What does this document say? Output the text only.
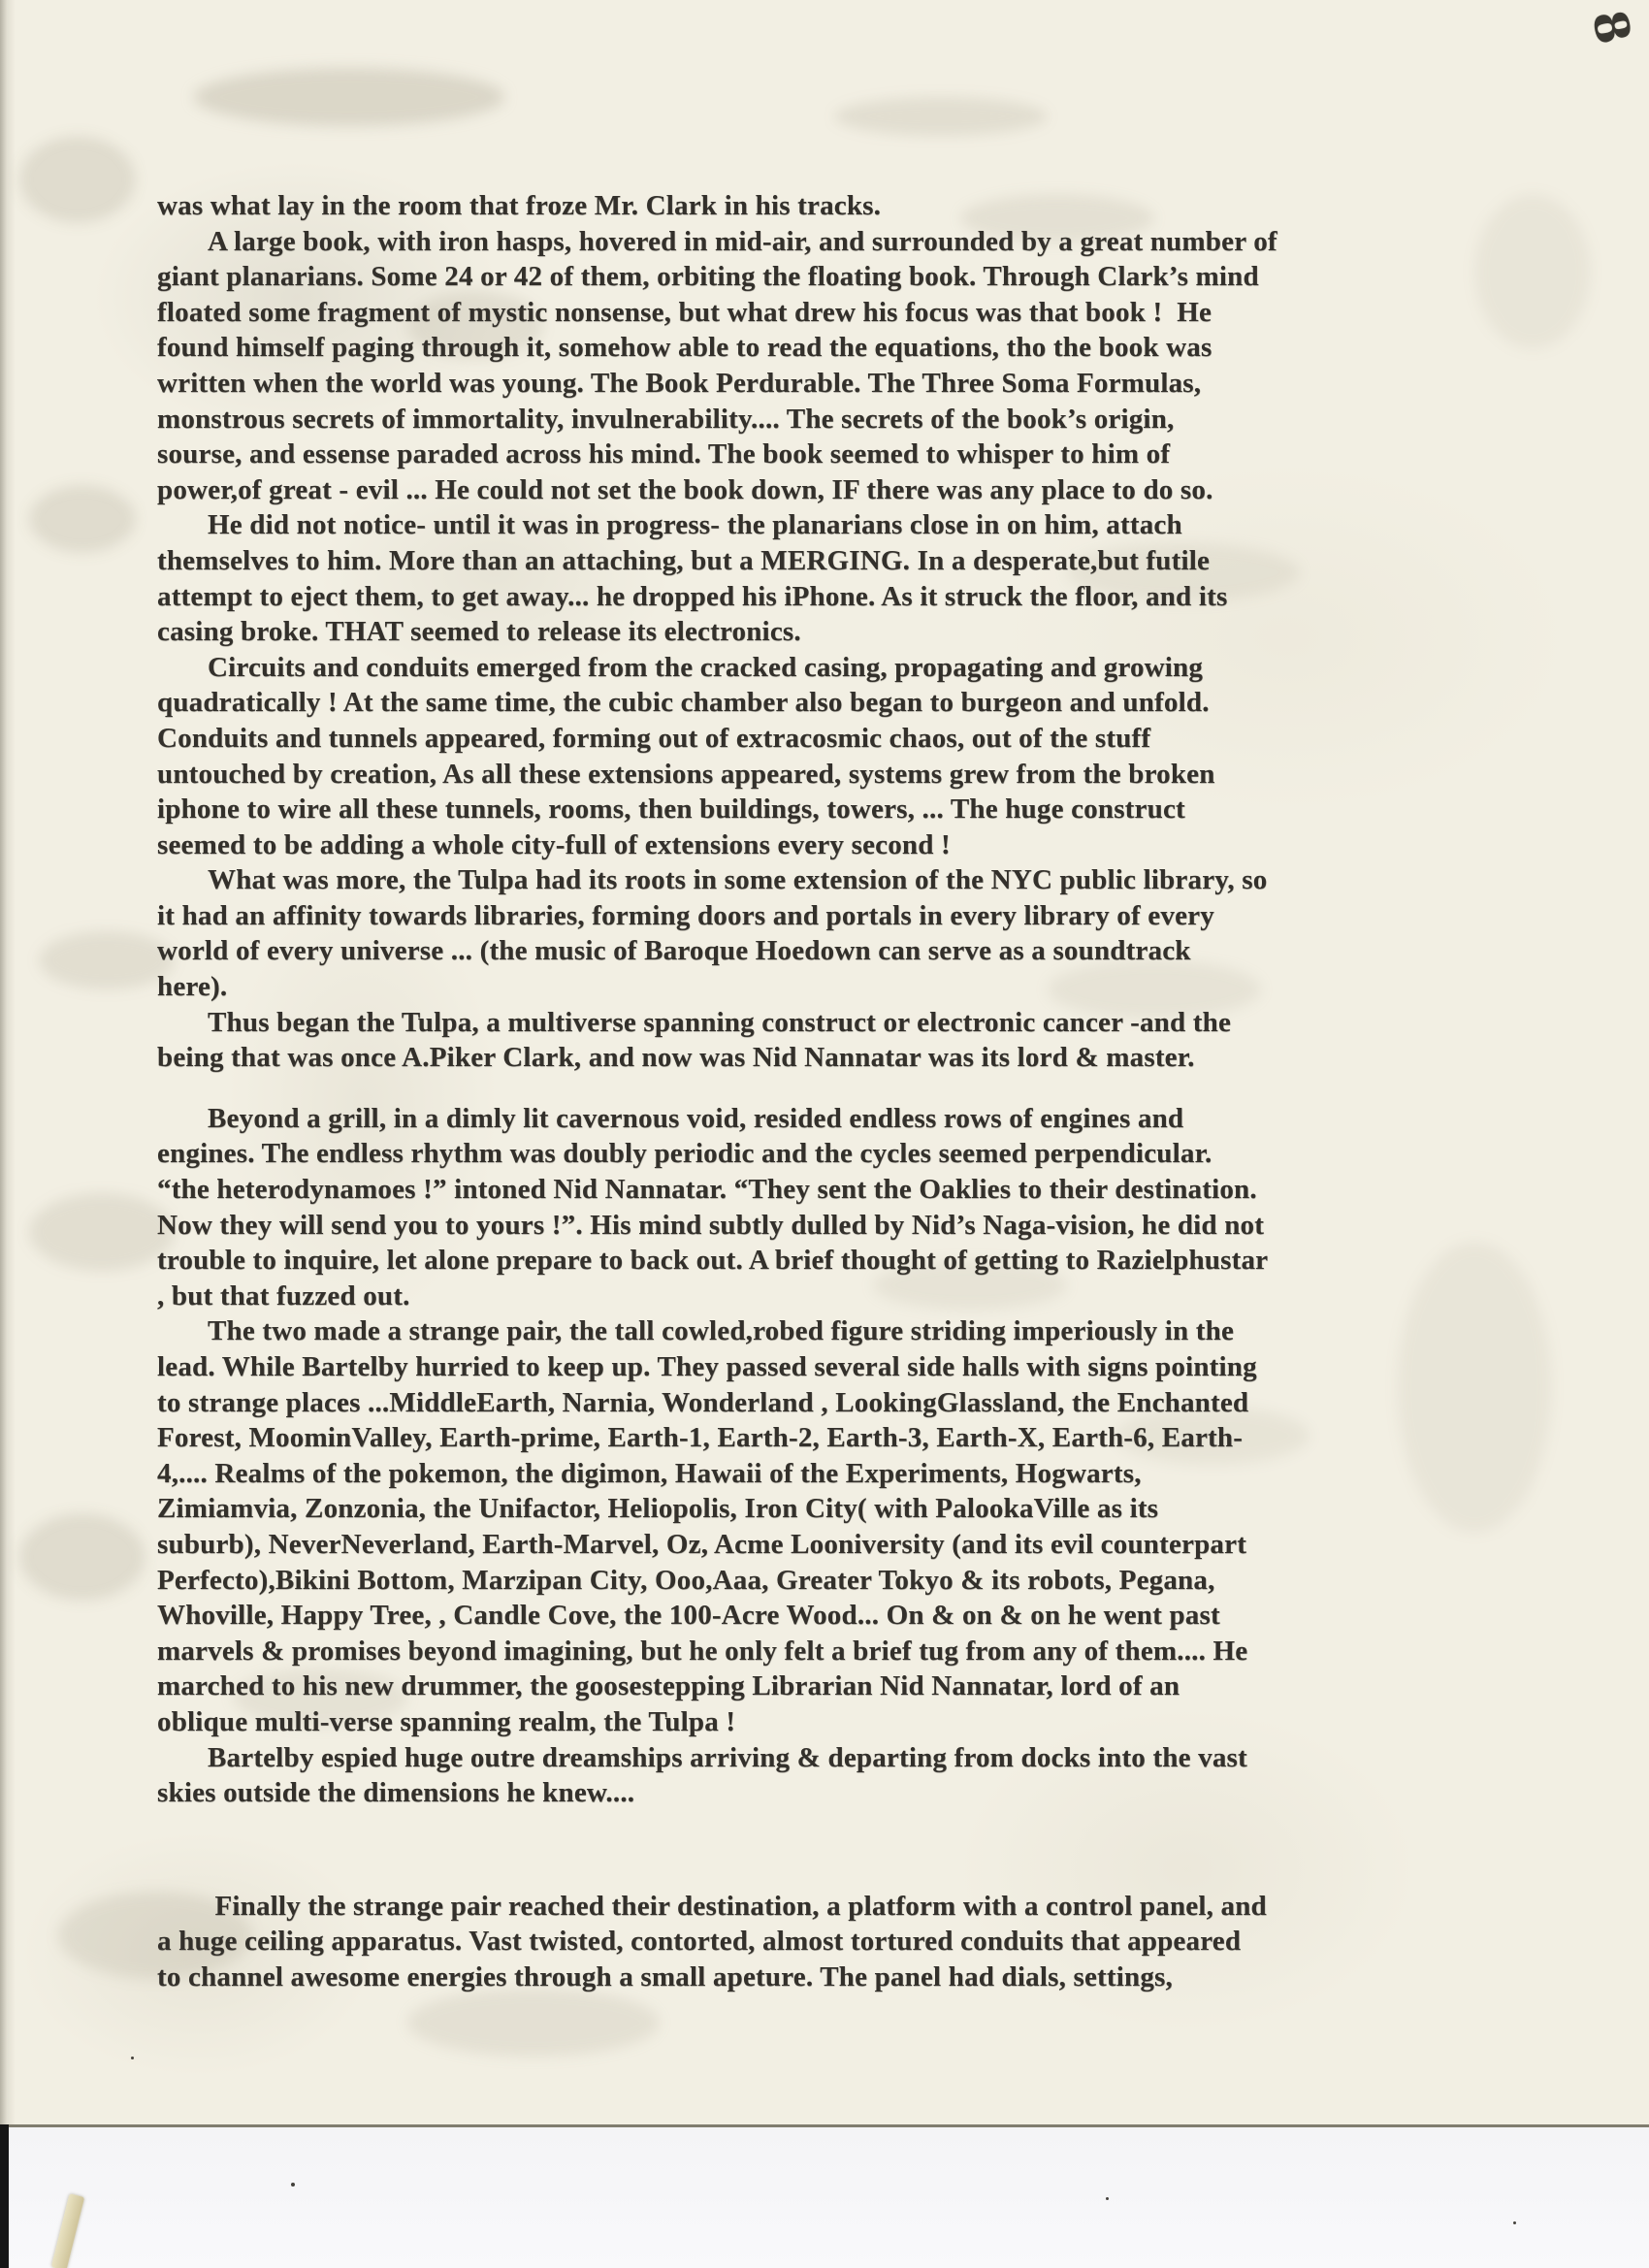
8
was what lay in the room that froze Mr. Clark in his tracks.
A large book, with iron hasps, hovered in mid-air, and surrounded by a great number of
giant planarians. Some 24 or 42 of them, orbiting the floating book. Through Clark’s mind
floated some fragment of mystic nonsense, but what drew his focus was that book !  He
found himself paging through it, somehow able to read the equations, tho the book was
written when the world was young. The Book Perdurable. The Three Soma Formulas,
monstrous secrets of immortality, invulnerability.... The secrets of the book’s origin,
sourse, and essense paraded across his mind. The book seemed to whisper to him of
power,of great - evil ... He could not set the book down, IF there was any place to do so.
He did not notice- until it was in progress- the planarians close in on him, attach
themselves to him. More than an attaching, but a MERGING. In a desperate,but futile
attempt to eject them, to get away... he dropped his iPhone. As it struck the floor, and its
casing broke. THAT seemed to release its electronics.
Circuits and conduits emerged from the cracked casing, propagating and growing
quadratically ! At the same time, the cubic chamber also began to burgeon and unfold.
Conduits and tunnels appeared, forming out of extracosmic chaos, out of the stuff
untouched by creation, As all these extensions appeared, systems grew from the broken
iphone to wire all these tunnels, rooms, then buildings, towers, ... The huge construct
seemed to be adding a whole city-full of extensions every second !
What was more, the Tulpa had its roots in some extension of the NYC public library, so
it had an affinity towards libraries, forming doors and portals in every library of every
world of every universe ... (the music of Baroque Hoedown can serve as a soundtrack
here).
Thus began the Tulpa, a multiverse spanning construct or electronic cancer -and the
being that was once A.Piker Clark, and now was Nid Nannatar was its lord & master.
Beyond a grill, in a dimly lit cavernous void, resided endless rows of engines and
engines. The endless rhythm was doubly periodic and the cycles seemed perpendicular.
“the heterodynamoes !” intoned Nid Nannatar. “They sent the Oaklies to their destination.
Now they will send you to yours !”. His mind subtly dulled by Nid’s Naga-vision, he did not
trouble to inquire, let alone prepare to back out. A brief thought of getting to Razielphustar
, but that fuzzed out.
The two made a strange pair, the tall cowled,robed figure striding imperiously in the
lead. While Bartelby hurried to keep up. They passed several side halls with signs pointing
to strange places ...MiddleEarth, Narnia, Wonderland , LookingGlassland, the Enchanted
Forest, MoominValley, Earth-prime, Earth-1, Earth-2, Earth-3, Earth-X, Earth-6, Earth-
4,.... Realms of the pokemon, the digimon, Hawaii of the Experiments, Hogwarts,
Zimiamvia, Zonzonia, the Unifactor, Heliopolis, Iron City( with PalookaVille as its
suburb), NeverNeverland, Earth-Marvel, Oz, Acme Looniversity (and its evil counterpart
Perfecto),Bikini Bottom, Marzipan City, Ooo,Aaa, Greater Tokyo & its robots, Pegana,
Whoville, Happy Tree, , Candle Cove, the 100-Acre Wood... On & on & on he went past
marvels & promises beyond imagining, but he only felt a brief tug from any of them.... He
marched to his new drummer, the goosestepping Librarian Nid Nannatar, lord of an
oblique multi-verse spanning realm, the Tulpa !
Bartelby espied huge outre dreamships arriving & departing from docks into the vast
skies outside the dimensions he knew....
Finally the strange pair reached their destination, a platform with a control panel, and
a huge ceiling apparatus. Vast twisted, contorted, almost tortured conduits that appeared
to channel awesome energies through a small apeture. The panel had dials, settings,
